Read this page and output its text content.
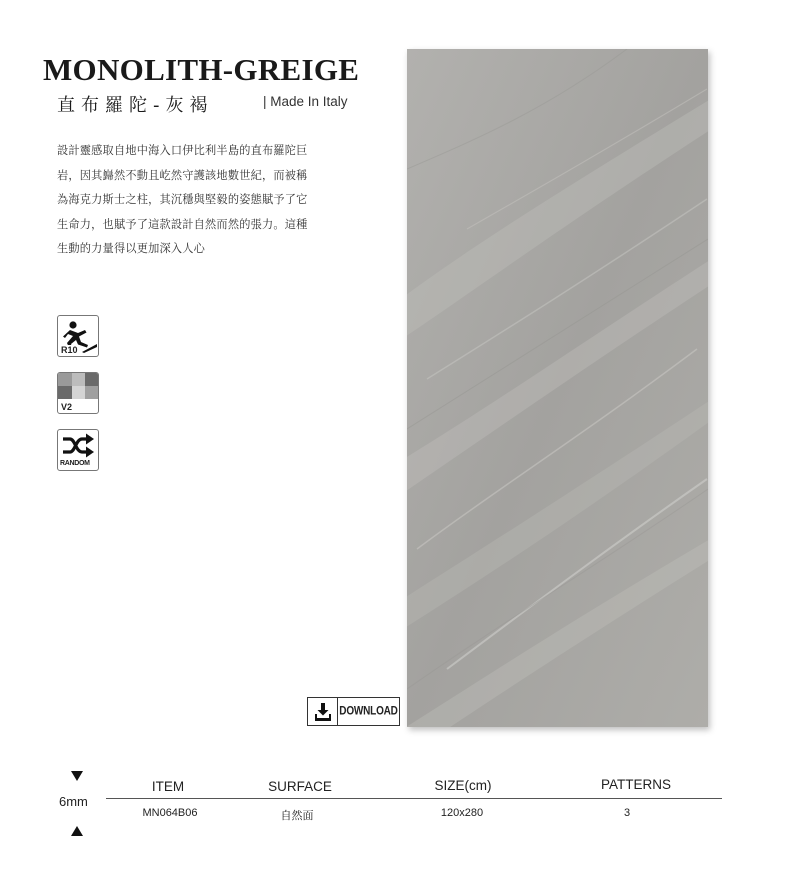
MONOLITH-GREIGE
直布羅陀-灰褐	| Made In Italy

設計靈感取自地中海入口伊比利半島的直布羅陀巨岩，因其巋然不動且屹然守護該地數世紀，而被稱為海克力斯士之柱，其沉穩與堅毅的姿態賦予了它生命力，也賦予了這款設計自然而然的張力。這種生動的力量得以更加深入人心

R10
V2
RANDOM
DOWNLOAD
6mm
ITEM	SURFACE	SIZE(cm)	PATTERNS
MN064B06	自然面	120x280	3
